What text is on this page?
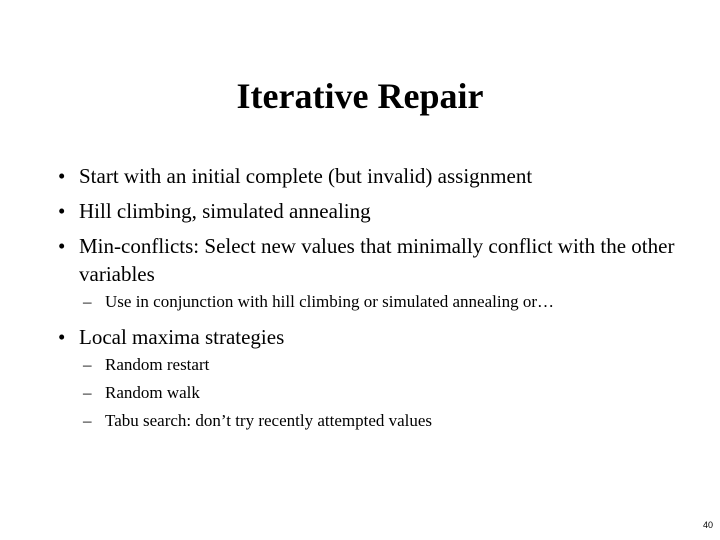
Iterative Repair
• Start with an initial complete (but invalid) assignment
• Hill climbing, simulated annealing
• Min-conflicts: Select new values that minimally conflict with the other variables
– Use in conjunction with hill climbing or simulated annealing or…
• Local maxima strategies
– Random restart
– Random walk
– Tabu search: don’t try recently attempted values
40
